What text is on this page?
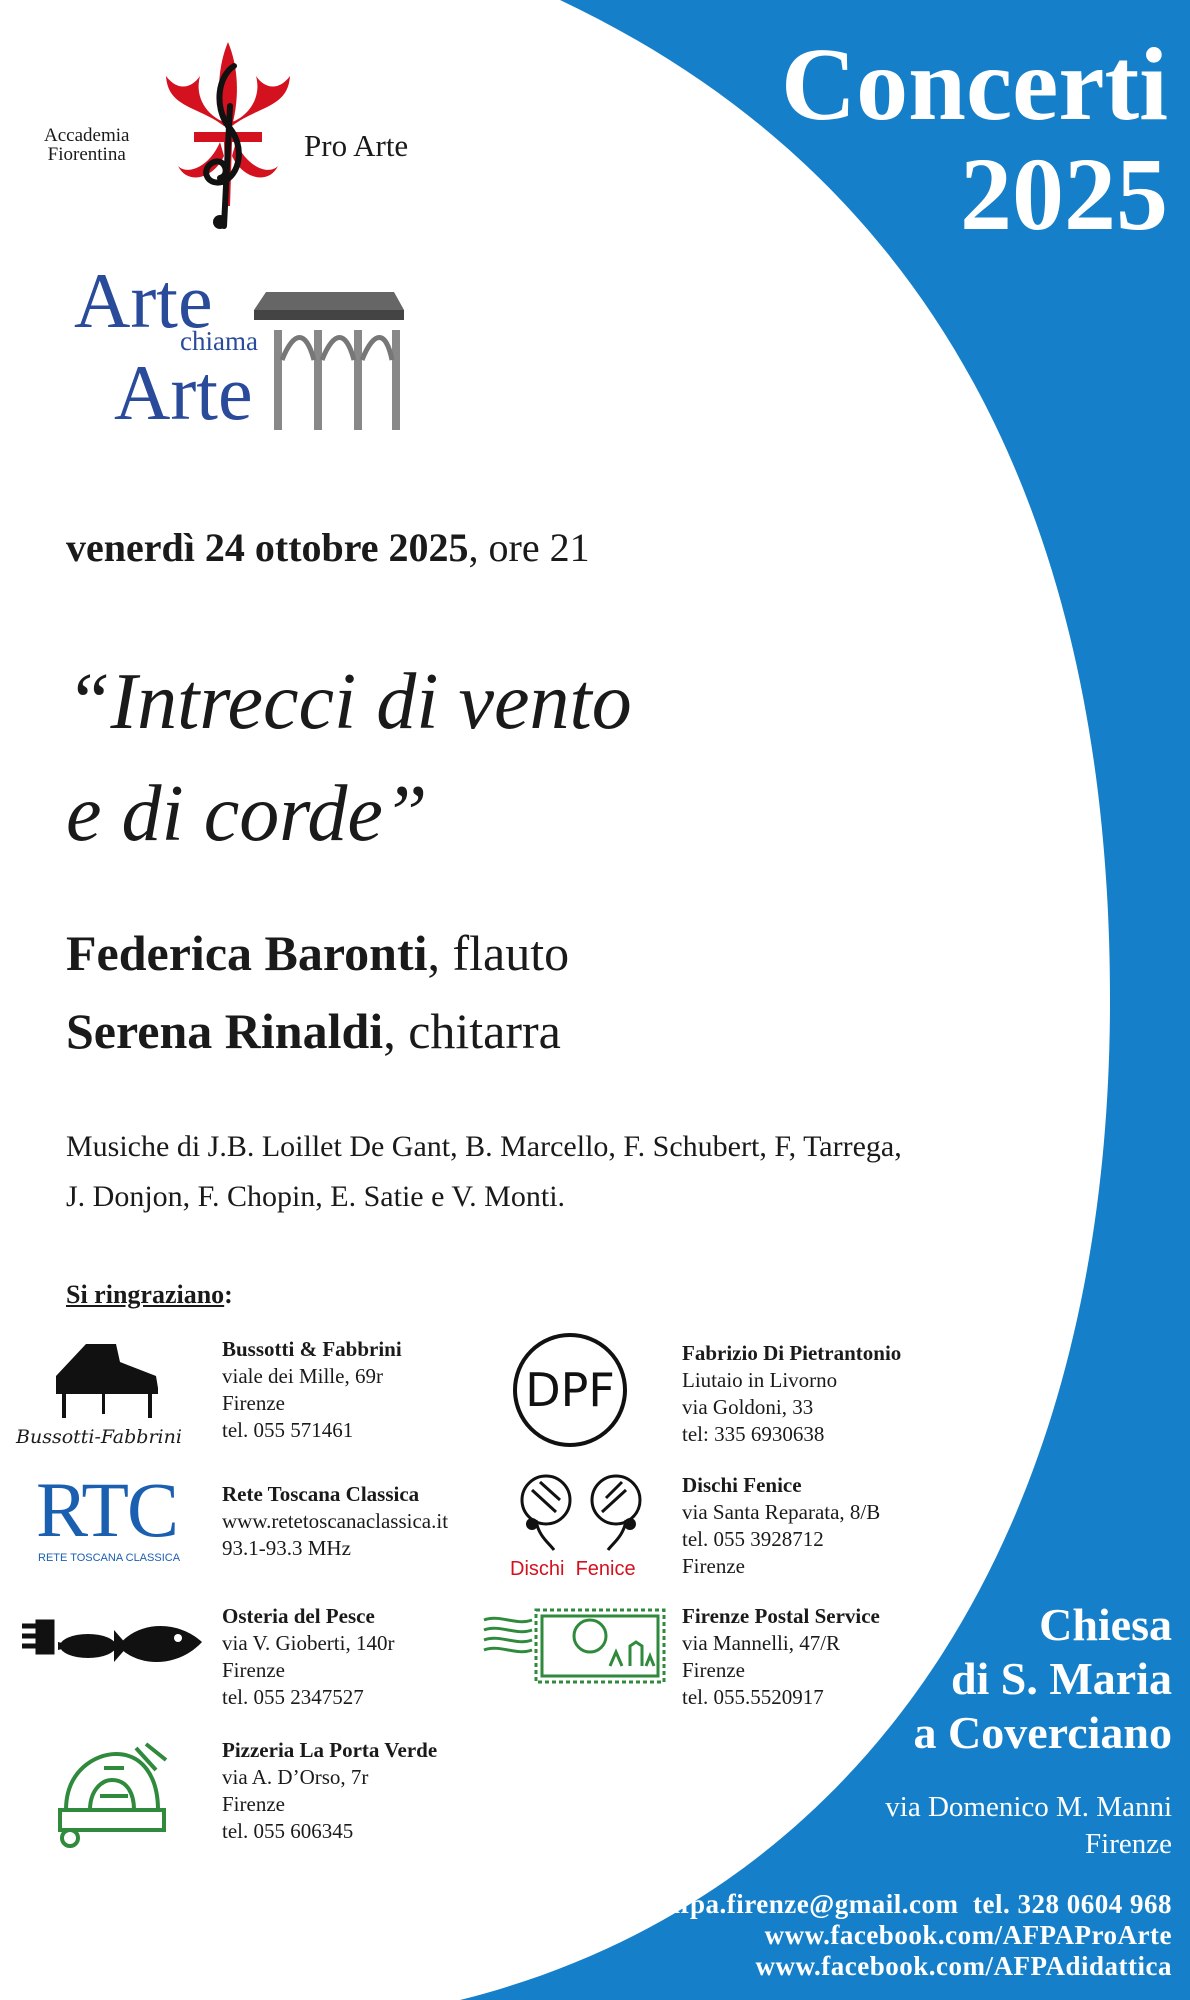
Concerti
2025
Accademia
Fiorentina	Pro Arte
Arte
chiama
Arte
venerdì 24 ottobre 2025, ore 21
“Intrecci di vento
e di corde”
Federica Baronti, flauto
Serena Rinaldi, chitarra
Musiche di J.B. Loillet De Gant, B. Marcello, F. Schubert, F, Tarrega,
J. Donjon, F. Chopin, E. Satie e V. Monti.
Si ringraziano:
Bussotti-Fabbrini
Bussotti & Fabbrini
viale dei Mille, 69r
Firenze
tel. 055 571461
RTC
RETE TOSCANA CLASSICA
Rete Toscana Classica
www.retetoscanaclassica.it
93.1-93.3 MHz
Osteria del Pesce
via V. Gioberti, 140r
Firenze
tel. 055 2347527
Pizzeria La Porta Verde
via A. D’Orso, 7r
Firenze
tel. 055 606345
DPF
Fabrizio Di Pietrantonio
Liutaio in Livorno
via Goldoni, 33
tel: 335 6930638
Dischi  Fenice
Dischi Fenice
via Santa Reparata, 8/B
tel. 055 3928712
Firenze
Firenze Postal Service
via Mannelli, 47/R
Firenze
tel. 055.5520917
Chiesa
di S. Maria
a Coverciano
via Domenico M. Manni
Firenze
afpa.firenze@gmail.com  tel. 328 0604 968
www.facebook.com/AFPAProArte
www.facebook.com/AFPAdidattica
